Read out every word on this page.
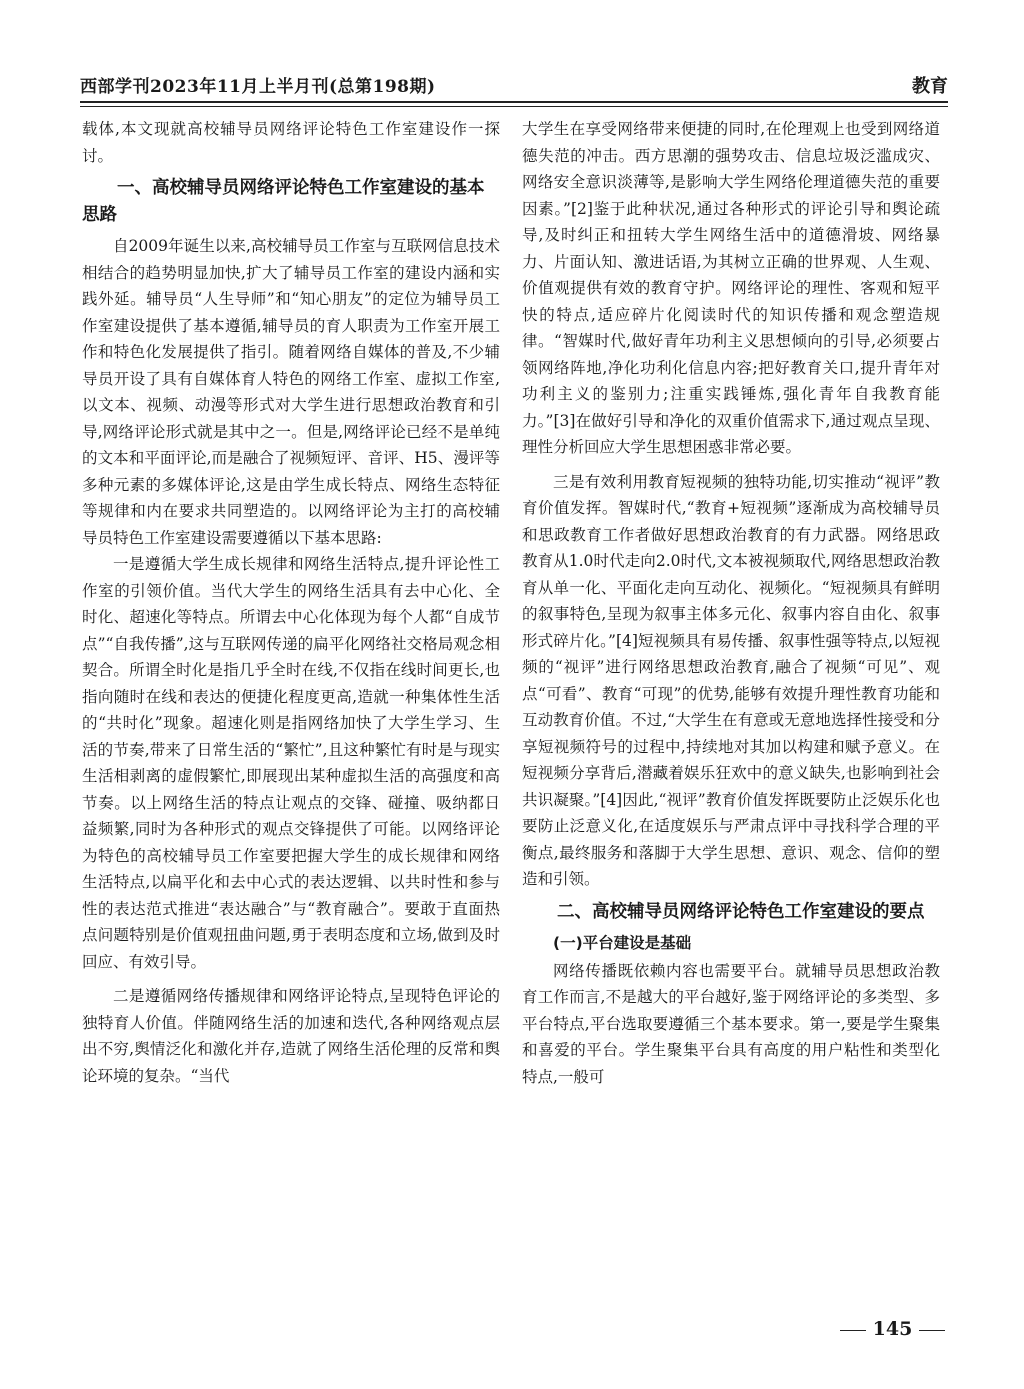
西部学刊2023年11月上半月刊(总第198期)	教育

载体,本文现就高校辅导员网络评论特色工作室建设作一探讨。

一、高校辅导员网络评论特色工作室建设的基本思路

自2009年诞生以来,高校辅导员工作室与互联网信息技术相结合的趋势明显加快,扩大了辅导员工作室的建设内涵和实践外延。辅导员“人生导师”和“知心朋友”的定位为辅导员工作室建设提供了基本遵循,辅导员的育人职责为工作室开展工作和特色化发展提供了指引。随着网络自媒体的普及,不少辅导员开设了具有自媒体育人特色的网络工作室、虚拟工作室,以文本、视频、动漫等形式对大学生进行思想政治教育和引导,网络评论形式就是其中之一。但是,网络评论已经不是单纯的文本和平面评论,而是融合了视频短评、音评、H5、漫评等多种元素的多媒体评论,这是由学生成长特点、网络生态特征等规律和内在要求共同塑造的。以网络评论为主打的高校辅导员特色工作室建设需要遵循以下基本思路:

一是遵循大学生成长规律和网络生活特点,提升评论性工作室的引领价值。当代大学生的网络生活具有去中心化、全时化、超速化等特点。所谓去中心化体现为每个人都“自成节点”“自我传播”,这与互联网传递的扁平化网络社交格局观念相契合。所谓全时化是指几乎全时在线,不仅指在线时间更长,也指向随时在线和表达的便捷化程度更高,造就一种集体性生活的“共时化”现象。超速化则是指网络加快了大学生学习、生活的节奏,带来了日常生活的“繁忙”,且这种繁忙有时是与现实生活相剥离的虚假繁忙,即展现出某种虚拟生活的高强度和高节奏。以上网络生活的特点让观点的交锋、碰撞、吸纳都日益频繁,同时为各种形式的观点交锋提供了可能。以网络评论为特色的高校辅导员工作室要把握大学生的成长规律和网络生活特点,以扁平化和去中心式的表达逻辑、以共时性和参与性的表达范式推进“表达融合”与“教育融合”。要敢于直面热点问题特别是价值观扭曲问题,勇于表明态度和立场,做到及时回应、有效引导。

二是遵循网络传播规律和网络评论特点,呈现特色评论的独特育人价值。伴随网络生活的加速和迭代,各种网络观点层出不穷,舆情泛化和激化并存,造就了网络生活伦理的反常和舆论环境的复杂。“当代

大学生在享受网络带来便捷的同时,在伦理观上也受到网络道德失范的冲击。西方思潮的强势攻击、信息垃圾泛滥成灾、网络安全意识淡薄等,是影响大学生网络伦理道德失范的重要因素。”[2]鉴于此种状况,通过各种形式的评论引导和舆论疏导,及时纠正和扭转大学生网络生活中的道德滑坡、网络暴力、片面认知、激进话语,为其树立正确的世界观、人生观、价值观提供有效的教育守护。网络评论的理性、客观和短平快的特点,适应碎片化阅读时代的知识传播和观念塑造规律。“智媒时代,做好青年功利主义思想倾向的引导,必须要占领网络阵地,净化功利化信息内容;把好教育关口,提升青年对功利主义的鉴别力;注重实践锤炼,强化青年自我教育能力。”[3]在做好引导和净化的双重价值需求下,通过观点呈现、理性分析回应大学生思想困惑非常必要。

三是有效利用教育短视频的独特功能,切实推动“视评”教育价值发挥。智媒时代,“教育+短视频”逐渐成为高校辅导员和思政教育工作者做好思想政治教育的有力武器。网络思政教育从1.0时代走向2.0时代,文本被视频取代,网络思想政治教育从单一化、平面化走向互动化、视频化。“短视频具有鲜明的叙事特色,呈现为叙事主体多元化、叙事内容自由化、叙事形式碎片化。”[4]短视频具有易传播、叙事性强等特点,以短视频的“视评”进行网络思想政治教育,融合了视频“可见”、观点“可看”、教育“可现”的优势,能够有效提升理性教育功能和互动教育价值。不过,“大学生在有意或无意地选择性接受和分享短视频符号的过程中,持续地对其加以构建和赋予意义。在短视频分享背后,潜藏着娱乐狂欢中的意义缺失,也影响到社会共识凝聚。”[4]因此,“视评”教育价值发挥既要防止泛娱乐化也要防止泛意义化,在适度娱乐与严肃点评中寻找科学合理的平衡点,最终服务和落脚于大学生思想、意识、观念、信仰的塑造和引领。

二、高校辅导员网络评论特色工作室建设的要点
(一)平台建设是基础

网络传播既依赖内容也需要平台。就辅导员思想政治教育工作而言,不是越大的平台越好,鉴于网络评论的多类型、多平台特点,平台选取要遵循三个基本要求。第一,要是学生聚集和喜爱的平台。学生聚集平台具有高度的用户粘性和类型化特点,一般可

145
